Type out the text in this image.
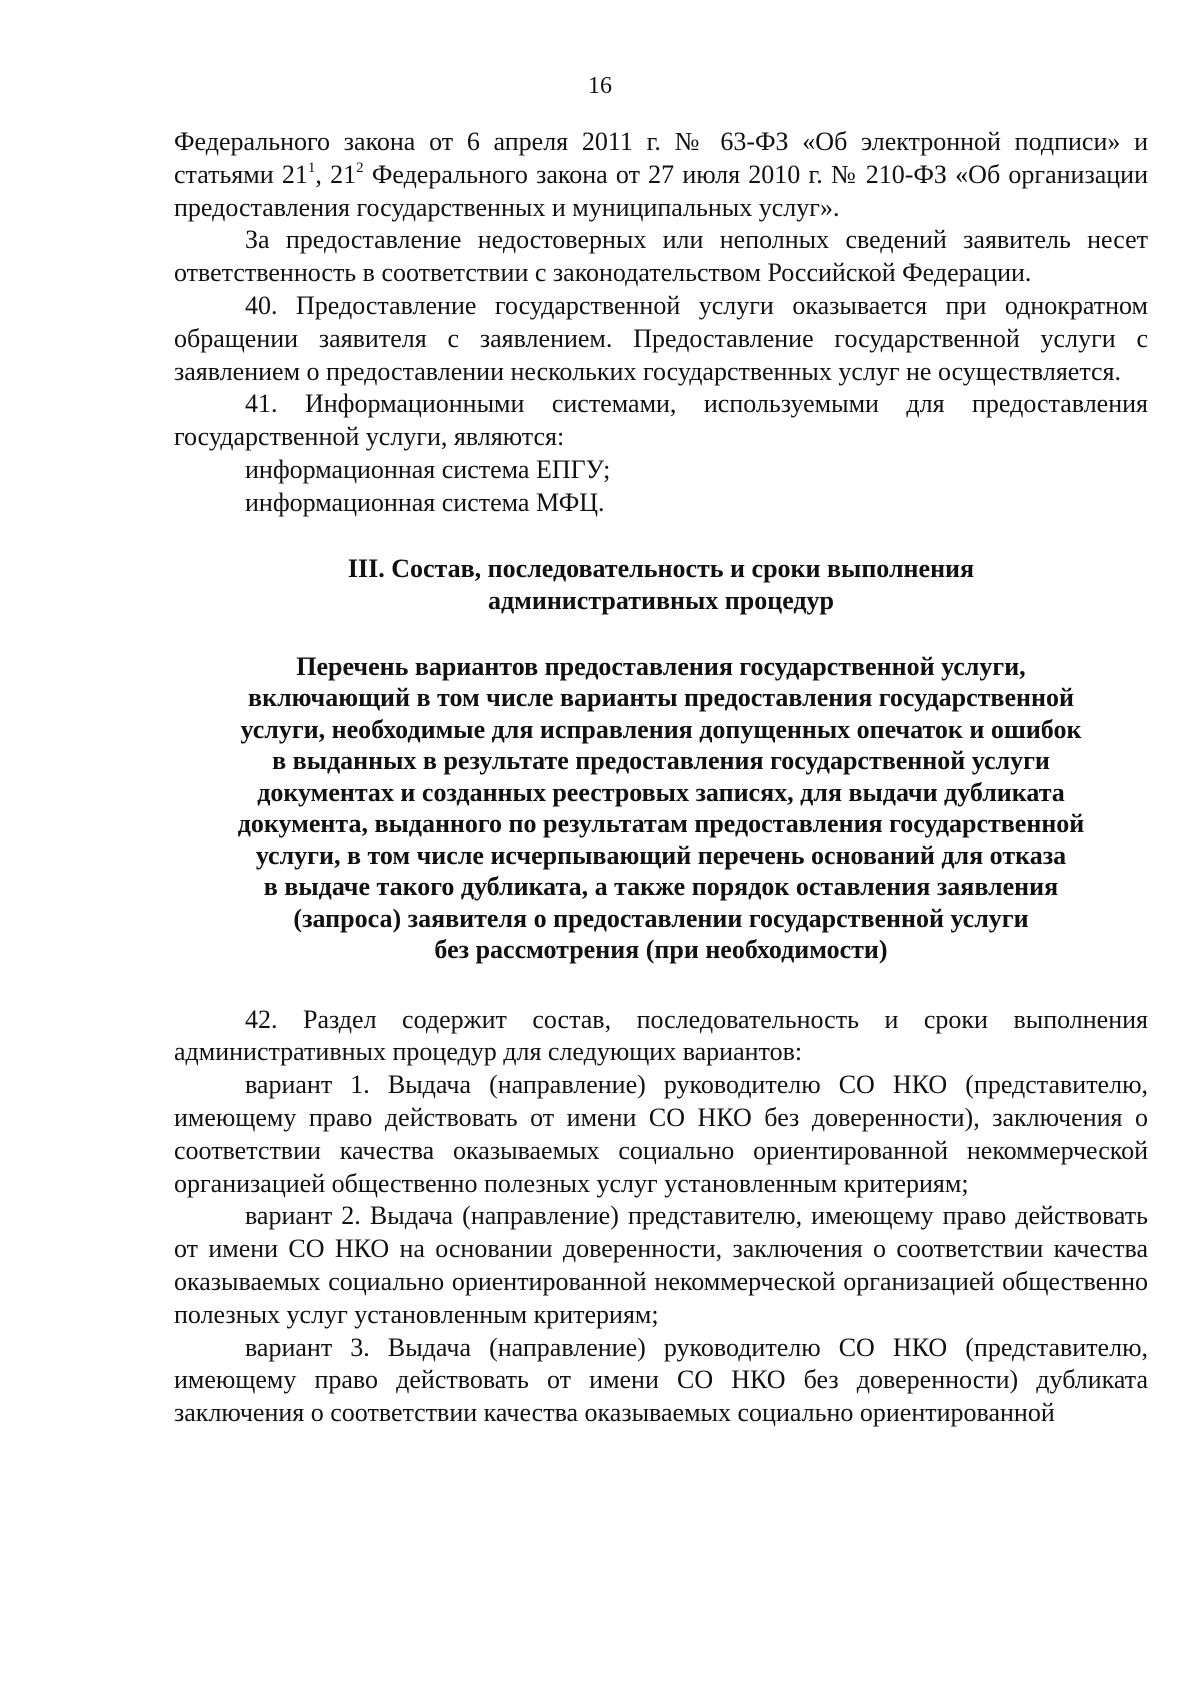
16

Федерального закона от 6 апреля 2011 г. № 63-ФЗ «Об электронной подписи» и статьями $21^1$, $21^2$ Федерального закона от 27 июля 2010 г. № 210-ФЗ «Об организации предоставления государственных и муниципальных услуг».

За предоставление недостоверных или неполных сведений заявитель несет ответственность в соответствии с законодательством Российской Федерации.

40. Предоставление государственной услуги оказывается при однократном обращении заявителя с заявлением. Предоставление государственной услуги с заявлением о предоставлении нескольких государственных услуг не осуществляется.

41. Информационными системами, используемыми для предоставления государственной услуги, являются:

информационная система ЕПГУ;

информационная система МФЦ.

III. Состав, последовательность и сроки выполнения
административных процедур
Перечень вариантов предоставления государственной услуги,
включающий в том числе варианты предоставления государственной
услуги, необходимые для исправления допущенных опечаток и ошибок
в выданных в результате предоставления государственной услуги
документах и созданных реестровых записях, для выдачи дубликата
документа, выданного по результатам предоставления государственной
услуги, в том числе исчерпывающий перечень оснований для отказа
в выдаче такого дубликата, а также порядок оставления заявления
(запроса) заявителя о предоставлении государственной услуги
без рассмотрения (при необходимости)

42. Раздел содержит состав, последовательность и сроки выполнения административных процедур для следующих вариантов:

вариант 1. Выдача (направление) руководителю СО НКО (представителю, имеющему право действовать от имени СО НКО без доверенности), заключения о соответствии качества оказываемых социально ориентированной некоммерческой организацией общественно полезных услуг установленным критериям;

вариант 2. Выдача (направление) представителю, имеющему право действовать от имени СО НКО на основании доверенности, заключения о соответствии качества оказываемых социально ориентированной некоммерческой организацией общественно полезных услуг установленным критериям;

вариант 3. Выдача (направление) руководителю СО НКО (представителю, имеющему право действовать от имени СО НКО без доверенности) дубликата заключения о соответствии качества оказываемых социально ориентированной
